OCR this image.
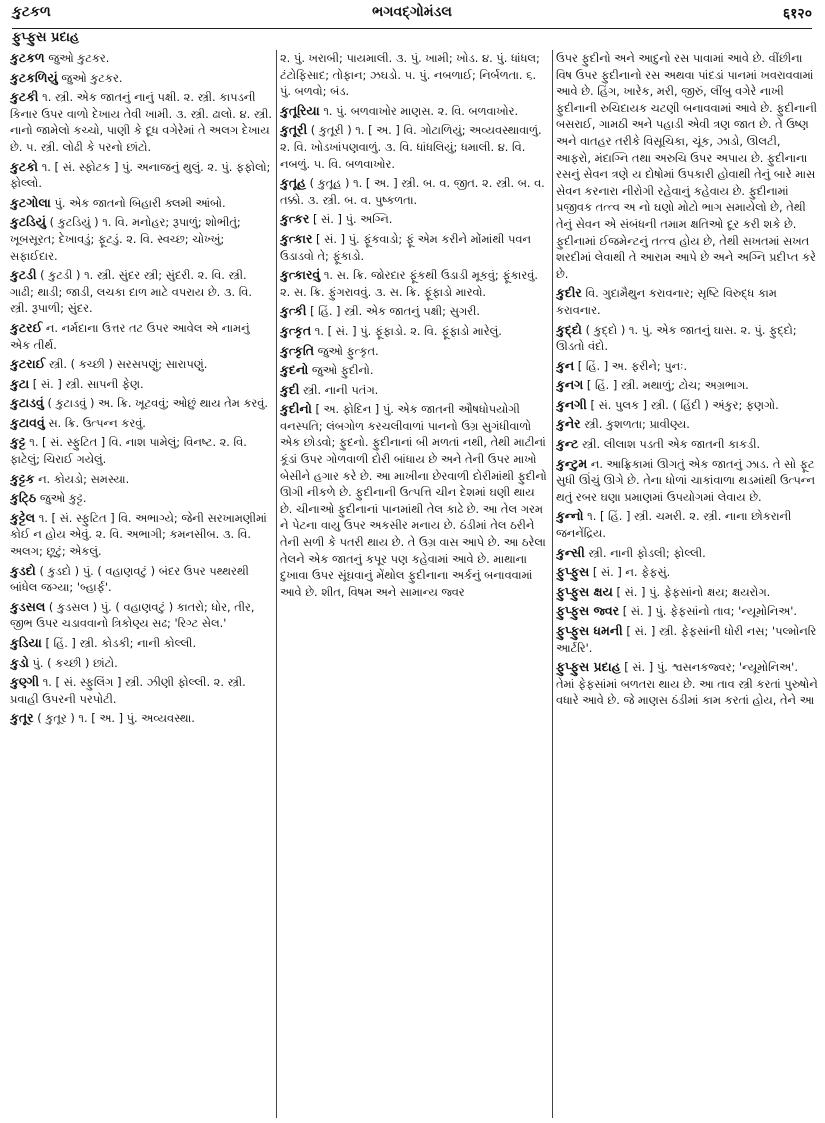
કુટકળ	ભગવદ્ગોમંડલ	६१२०
ફુપ્ફુસ પ્રદાહ
કુટકળ જુઓ કુટકર.
કુટકળિયું જુઓ કુટકર.
કુટકી ૧. સ્ત્રી. એક જાતનું નાનું પક્ષી. ૨. સ્ત્રી. કાપડની કિનાર ઉપર વાળો દેખાય તેવી ખામી. ૩. સ્ત્રી. ઢાલો. ૪. સ્ત્રી. નાનો જામેલો કચ્ચો, પાણી કે દૂધ વગેરેમાં તે અલગ દેખાય છે. ૫. સ્ત્રી. લોઢી કે પરનો છાંટો.
કુટકો ૧. [ સં. સ્ફોટક ] પું. અનાજનું થુલું. ૨. પું. ફફોલો; ફોલ્લો.
કુટગોલા પું. એક જાતનો બિહારી ક્લમી આંબો.
કુટડિયું ( કુટડિયું ) ૧. વિ. મનોહર; રૂપાળું; શોભીતું; ખૂબસૂરત; દેખાવડું; ફૂટડું. ૨. વિ. સ્વચ્છ; ચોખ્ખું; સફાઈદાર.
કુટડી ( કુટડી ) ૧. સ્ત્રી. સુંદર સ્ત્રી; સુંદરી. ૨. વિ. સ્ત્રી. ગાઢી; થાડી; જાડી, લચકા દાળ માટે વપરાય છે. ૩. વિ. સ્ત્રી. રૂપાળી; સુંદર.
કુટરઈ ન. નર્મદાના ઉત્તર તટ ઉપર આવેલ એ નામનું એક તીર્થ.
કુટરાઈ સ્ત્રી. ( કચ્છી ) સરસપણું; સારાપણું.
કુટા [ સં. ] સ્ત્રી. સાપની ફેણ.
કુટાડવું ( કુટાડવું ) અ. ક્રિ. ખૂટવવું; ઓછું થાય તેમ કરવું.
કુટાવવું સ. ક્રિ. ઉત્પન્ન કરવું.
કુટ્ટ ૧. [ સં. સ્ફુટિત ] વિ. નાશ પામેલું; વિનષ્ટ. ૨. વિ. ફાટેલું; ચિરાઈ ગયેલું.
કુટ્ટક ન. કોયડો; સમસ્યા.
કુટ્ઠિ જુઓ કુટ્ટ.
કુટ્ટેલ ૧. [ સં. સ્ફુટિત ] વિ. અભાગ્યે; જેની સરખામણીમાં કોઈ ન હોય એવું. ૨. વિ. અભાગી; કમનસીબ. ૩. વિ. અલગ; છૂટું; એકલું.
કુડદો ( કુડદો ) પું. ( વહાણવટું ) બંદર ઉપર પથ્થરથી બાંધેલ જગ્યા; 'બ્હાર્ફ'.
કુડસલ ( કુડસલ ) પું. ( વહાણવટું ) કાતરો; ધોર, તીર, જીભ ઉપર ચડાવવાનો ત્રિકોણ્ય સઢ; 'રિગ્ટ સેલ.'
કુડિયા [ હિં. ] સ્ત્રી. કોડકી; નાની કોલ્લી.
કુડો પું. ( કચ્છી ) છાંટો.
કુણ્ગી ૧. [ સં. સ્ફુલિંગ ] સ્ત્રી. ઝીણી ફોલ્લી. ૨. સ્ત્રી. પ્રવાહી ઉપરની પરપોટી.
કુતૂર ( કુતૂર ) ૧. [ અ. ] પું. અવ્યવસ્થા.
૨. પું. ખરાબી; પાયમાલી. ૩. પું. ખામી; ખોડ. ૪. પું. ધાંધલ; ટંટોફિસાદ; તોફાન; ઝઘડો. ૫. પું. નબળાઈ; નિર્બળતા. ૬. પું. બળવો; બંડ.
કુતૂરિયા ૧. પું. બળવાખોર માણસ. ૨. વિ. બળવાખોર.
કુતૂરી ( કુતૂરી ) ૧. [ અ. ] વિ. ગોટાળિયું; અવ્યવસ્થાવાળું. ૨. વિ. ખોડખાંપણવાળું. ૩. વિ. ધાંધલિયું; ધમાલી. ૪. વિ. નબળું. ૫. વિ. બળવાખોર.
કુતૂહ ( કુતૂહ ) ૧. [ અ. ] સ્ત્રી. બ. વ. જીત. ૨. સ્ત્રી. બ. વ. તક્કો. ૩. સ્ત્રી. બ. વ. પુષ્કળતા.
કુત્કર [ સં. ] પું. અગ્નિ.
કુત્કાર [ સં. ] પું. ફૂંકવાડો; ફૂં એમ કરીને મોંમાંથી પવન ઉડાડવો તે; ફૂંકાડો.
કુત્કારવું ૧. સ. ક્રિ. જોરદાર ફૂંકથી ઉડાડી મૂકવું; ફૂંકારવું. ૨. સ. ક્રિ. ફુંગરાવવું. ૩. સ. ક્રિ. ફૂંફાડો મારવો.
કુત્કી [ હિં. ] સ્ત્રી. એક જાતનું પક્ષી; સુગરી.
કુત્કૃત ૧. [ સં. ] પું. ફૂંફાડો. ૨. વિ. ફૂંફાડો મારેલું.
કુત્કૃતિ જુઓ ફુત્કૃત.
કુદનો જુઓ ફુદીનો.
કુદી સ્ત્રી. નાની પતંગ.
કુદીનો [ અ. ફોદિન ] પું. એક જાતની ઔષધોપયોગી વનસ્પતિ; લંબગોળ કરચલીવાળાં પાનનો ઉગ્ર સુગંધીવાળો એક છોડવો; ફુદનો. ફુદીનાનાં બી મળતાં નથી, તેથી માટીનાં કૂંડાં ઉપર ગોળવાળી દોરી બાંધાય છે અને તેની ઉપર માખો બેસીને હગાર કરે છે. આ માખીના છેરવાળી દોરીમાંથી ફુદીનો ઊગી નીકળે છે. ફુદીનાની ઉત્પત્તિ ચીન દેશમાં ઘણી થાય છે. ચીનાઓ ફુદીનાનાં પાનમાંથી તેલ કાઢે છે. આ તેલ ગરમ ને પેટના વાયુ ઉપર અકસીર મનાય છે. ઠંડીમાં તેલ ઠરીને તેની સળી કે પતરી થાય છે. તે ઉગ્ર વાસ આપે છે. આ ઠરેલા તેલને એક જાતનું કપૂર પણ કહેવામાં આવે છે. માથાના દુખાવા ઉપર સૂંઘવાનું મેંથોલ ફુદીનાના અર્કનું બનાવવામાં આવે છે. શીત, વિષમ અને સામાન્ય જ્વર
ઉપર ફુદીનો અને આદુનો રસ પાવામાં આવે છે. વીંછીના વિષ ઉપર ફુદીનાનો રસ અથવા પાંદડાં પાનમાં ખવરાવવામાં આવે છે. હિંગ, ખારેક, મરી, જીરું, લીંબુ વગેરે નાખી ફુદીનાની રુચિદાયક ચટણી બનાવવામાં આવે છે. ફુદીનાની બસરાઈ, ગામઠી અને પહાડી એવી ત્રણ જાત છે. તે ઉષ્ણ અને વાતહર તરીકે વિસૂચિકા, ચૂંક, ઝાડો, ઊલટી, આફરો, મંદાગ્નિ તથા અરુચિ ઉપર અપાય છે. ફુદીનાના રસનું સેવન ત્રણે ય દોષોમાં ઉપકારી હોવાથી તેનું બારે માસ સેવન કરનારા નીરોગી રહેવાનું કહેવાય છે. ફુદીનામાં પ્રજીવક તત્ત્વ અ નો ઘણો મોટો ભાગ સમાયેલો છે, તેથી તેનું સેવન એ સંબંધની તમામ ક્ષતિઓ દૂર કરી શકે છે. ફુદીનામાં ઈજમેન્ટનું તત્ત્વ હોય છે, તેથી સખતમાં સખત શરદીમાં લેવાથી તે આરામ આપે છે અને અગ્નિ પ્રદીપ્ત કરે છે.
કુદીર વિ. ગુદામૈથુન કરાવનાર; સૃષ્ટિ વિરુદ્ધ કામ કરાવનાર.
કુદ્દો ( કુદ્દો ) ૧. પું. એક જાતનું ઘાસ. ૨. પું. ફુદ્દો; ઊડતો વંદો.
કુન [ હિં. ] અ. ફરીને; પુનઃ.
કુનગ [ હિં. ] સ્ત્રી. મથાળું; ટોચ; અગ્રભાગ.
કુનગી [ સં. પુલક ] સ્ત્રી. ( હિંદી ) અંકુર; ફણગો.
કુનેર સ્ત્રી. કુશળતા; પ્રાવીણ્ય.
કુન્ટ સ્ત્રી. લીલાશ પડતી એક જાતની કાકડી.
કુન્ટુમ ન. આફ્રિકામાં ઊગતું એક જાતનું ઝાડ. તે સો ફૂટ સુધી ઊંચું ઊગે છે. તેના ધોળાં ચાકાંવાળા થડમાંથી ઉત્પન્ન થતું રબર ઘણા પ્રમાણમાં ઉપયોગમાં લેવાય છે.
કુન્નો ૧. [ હિં. ] સ્ત્રી. ચમરી. ૨. સ્ત્રી. નાના છોકરાની જનનેંદ્રિય.
કુન્સી સ્ત્રી. નાની ફોડલી; ફોલ્લી.
ફુપ્ફુસ [ સં. ] ન. ફેફસું.
ફુપ્ફુસ ક્ષય [ સં. ] પું. ફેફસાંનો ક્ષય; ક્ષયરોગ.
ફુપ્ફુસ જ્વર [ સં. ] પું. ફેફસાંનો તાવ; 'ન્યૂમોનિઅ'.
ફુપ્ફુસ ધમની [ સં. ] સ્ત્રી. ફેફસાંની ધોરી નસ; 'પલ્મોનરિ આર્ટરિ'.
ફુપ્ફુસ પ્રદાહ [ સં. ] પું. શ્વસનકજ્વર; 'ન્યૂમોનિઅ'. તેમાં ફેફસાંમાં બળતરા થાય છે. આ તાવ સ્ત્રી કરતાં પુરુષોને વધારે આવે છે. જે માણસ ઠંડીમાં કામ કરતાં હોય, તેને આ
